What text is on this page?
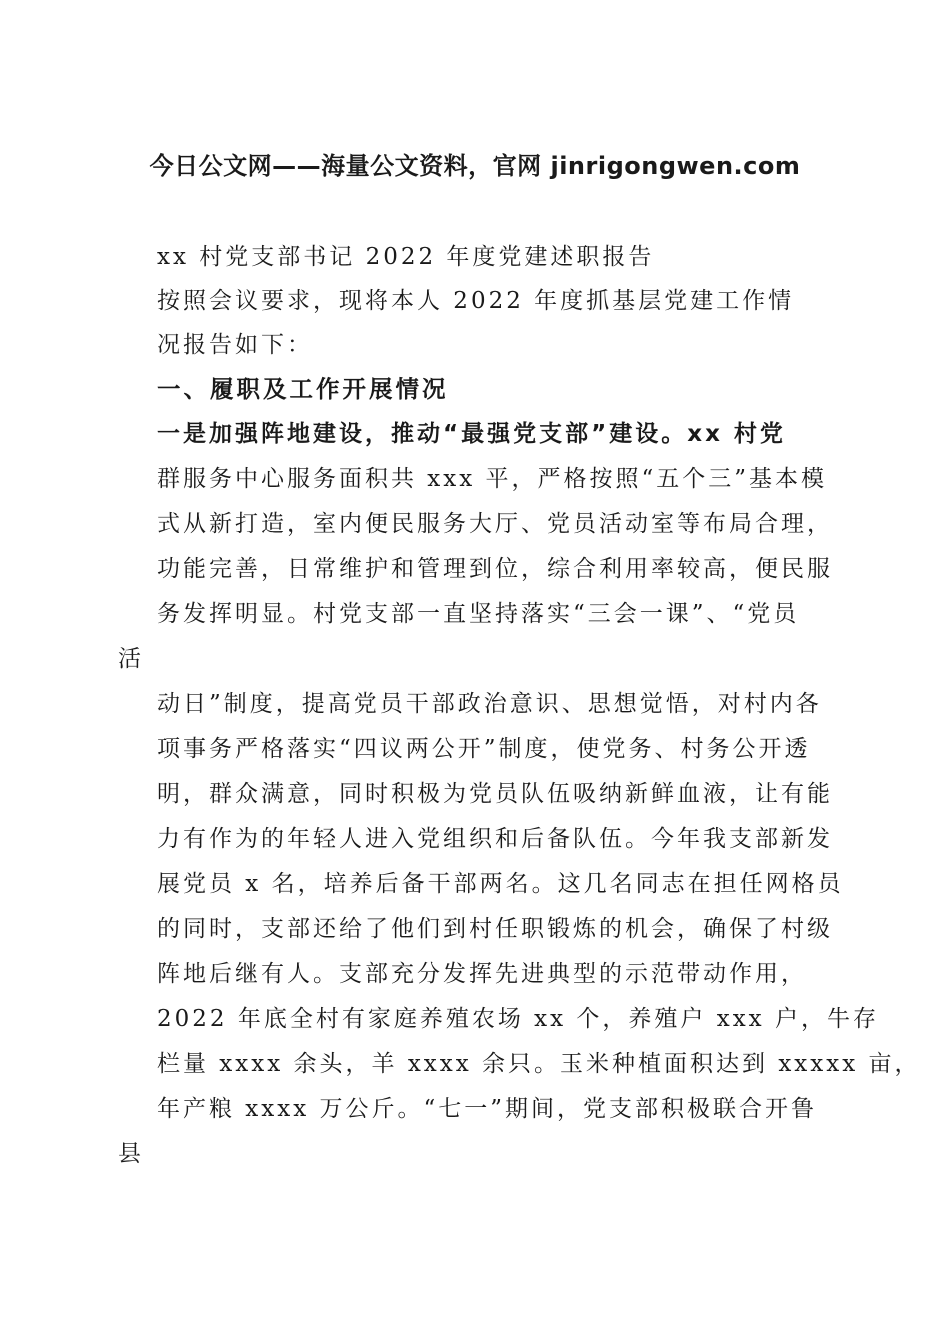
今日公文网——海量公文资料，官网 jinrigongwen.com
xx 村党支部书记 2022 年度党建述职报告
按照会议要求，现将本人 2022 年度抓基层党建工作情
况报告如下：
一、履职及工作开展情况
一是加强阵地建设，推动“最强党支部”建设。xx 村党
群服务中心服务面积共 xxx 平，严格按照“五个三”基本模
式从新打造，室内便民服务大厅、党员活动室等布局合理，
功能完善，日常维护和管理到位，综合利用率较高，便民服
务发挥明显。村党支部一直坚持落实“三会一课”、“党员
活
动日”制度，提高党员干部政治意识、思想觉悟，对村内各
项事务严格落实“四议两公开”制度，使党务、村务公开透
明，群众满意，同时积极为党员队伍吸纳新鲜血液，让有能
力有作为的年轻人进入党组织和后备队伍。今年我支部新发
展党员 x 名，培养后备干部两名。这几名同志在担任网格员
的同时，支部还给了他们到村任职锻炼的机会，确保了村级
阵地后继有人。支部充分发挥先进典型的示范带动作用，
2022 年底全村有家庭养殖农场 xx 个，养殖户 xxx 户，牛存
栏量 xxxx 余头，羊 xxxx 余只。玉米种植面积达到 xxxxx 亩，
年产粮 xxxx 万公斤。“七一”期间，党支部积极联合开鲁
县
